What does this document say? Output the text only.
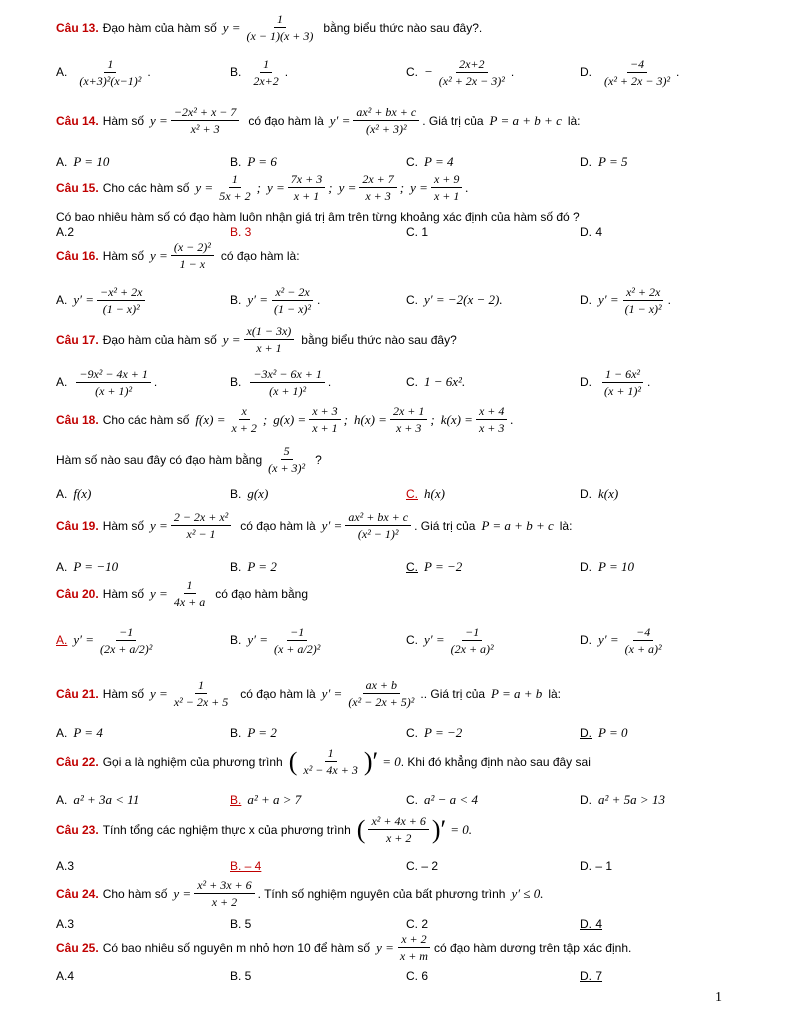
Câu 13. Đạo hàm của hàm số $y = \frac{1}{(x - 1)(x + 3)}$ bằng biểu thức nào sau đây?.
A. $\frac{1}{\text{(x+3)²(x−1)²}}$ .	B. $\frac{1}{2x+2}$ .	C. − $\frac{2x+2}{\text{(x² + 2x − 3)²}}$ .	D. $\frac{-4}{\text{(x² + 2x − 3)²}}$ .
Câu 14. Hàm số $y = \frac{\text{−2x² + x − 7}}{\text{x² + 3}}$ có đạo hàm là $y' = \frac{\text{ax² + bx + c}}{\text{(x² + 3)²}}$ . Giá trị của P = a + b + c là:
A. P = 10	B. P = 6	C. P = 4	D. P = 5
Câu 15. Cho các hàm số $y = \frac{1}{5x + 2}$ ; $y = \frac{7x + 3}{x + 1}$ ; $y = \frac{2x + 7}{x + 3}$ ; $y = \frac{x + 9}{x + 1}$ .
Có bao nhiêu hàm số có đạo hàm luôn nhận giá trị âm trên từng khoảng xác định của hàm số đó ?
A.2	B. 3	C. 1	D. 4
Câu 16. Hàm số $y = \frac{\text{(x − 2)²}}{1 - x}$ có đạo hàm là:
A. $y' = \frac{\text{−x² + 2x}}{\text{(1 − x)²}}$	B. $y' = \frac{\text{x² − 2x}}{\text{(1 − x)²}}$ .	C. y′ = −2(x − 2).	D. $y' = \frac{\text{x² + 2x}}{\text{(1 − x)²}}$ .
Câu 17. Đạo hàm của hàm số $y = \frac{x(1 - 3x)}{x + 1}$ bằng biểu thức nào sau đây?
A. $\frac{\text{−9x² − 4x + 1}}{\text{(x + 1)²}}$ .	B. $\frac{\text{−3x² − 6x + 1}}{\text{(x + 1)²}}$ .	C. 1 − 6x².	D. $\frac{\text{1 − 6x²}}{\text{(x + 1)²}}$ .
Câu 18. Cho các hàm số $f(x) = \frac{x}{x + 2}$ ; $g(x) = \frac{x + 3}{x + 1}$ ; $h(x) = \frac{2x + 1}{x + 3}$ ; $k(x) = \frac{x + 4}{x + 3}$ .
Hàm số nào sau đây có đạo hàm bằng $\frac{5}{\text{(x + 3)²}}$ ?
A. f(x)	B. g(x)	C. h(x)	D. k(x)
Câu 19. Hàm số $y = \frac{\text{2 − 2x + x²}}{\text{x² − 1}}$ có đạo hàm là $y' = \frac{\text{ax² + bx + c}}{\text{(x² − 1)²}}$ . Giá trị của P = a + b + c là:
A. P = −10	B. P = 2	C. P = −2	D. P = 10
Câu 20. Hàm số $y = \frac{1}{4x + a}$ có đạo hàm bằng
A. $y' = \frac{-1}{\text{(2x + a/2)²}}$	B. $y' = \frac{-1}{\text{(x + a/2)²}}$	C. $y' = \frac{-1}{\text{(2x + a)²}}$	D. $y' = \frac{-4}{\text{(x + a)²}}$
Câu 21. Hàm số $y = \frac{1}{\text{x² − 2x + 5}}$ có đạo hàm là $y' = \frac{ax + b}{\text{(x² − 2x + 5)²}}$ .. Giá trị của P = a + b là:
A. P = 4	B. P = 2	C. P = −2	D. P = 0
Câu 22. Gọi a là nghiệm của phương trình ( $\frac{1}{\text{x² − 4x + 3}}$ )′ = 0 . Khi đó khẳng định nào sau đây sai
A. a² + 3a < 11	B. a² + a > 7	C. a² − a < 4	D. a² + 5a > 13
Câu 23. Tính tổng các nghiệm thực x của phương trình ( $\frac{\text{x² + 4x + 6}}{x + 2}$ )′ = 0.
A.3	B. – 4	C. – 2	D. – 1
Câu 24. Cho hàm số $y = \frac{\text{x² + 3x + 6}}{x + 2}$ . Tính số nghiệm nguyên của bất phương trình y′ ≤ 0.
A.3	B. 5	C. 2	D. 4
Câu 25. Có bao nhiêu số nguyên m nhỏ hơn 10 để hàm số $y = \frac{x + 2}{x + m}$ có đạo hàm dương trên tập xác định.
A.4	B. 5	C. 6	D. 7
1
